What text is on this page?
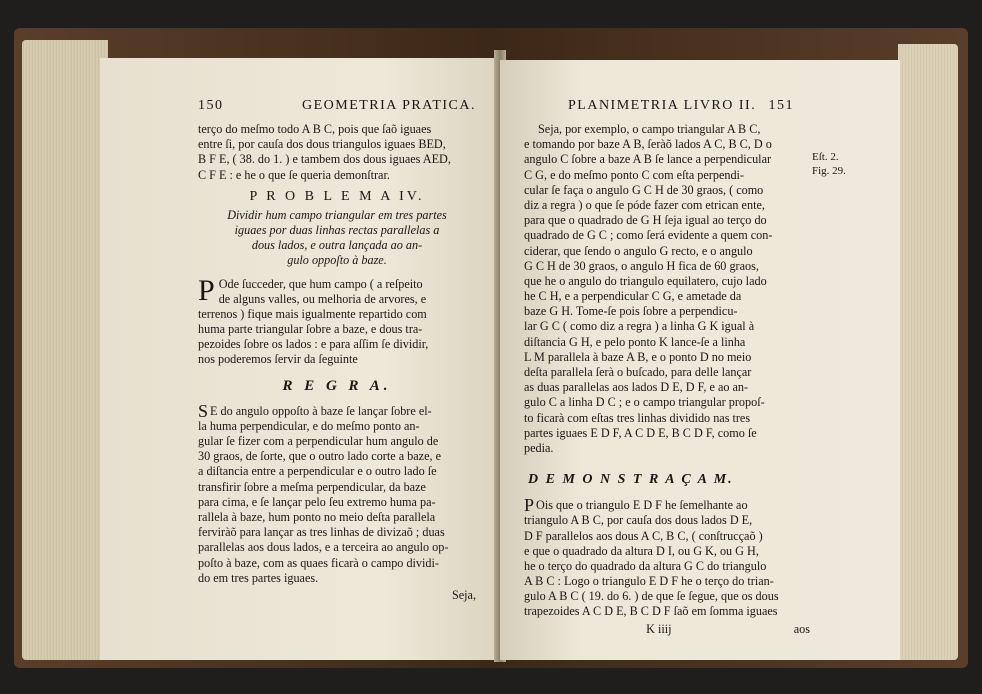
150	GEOMETRIA PRATICA.
terço do meſmo todo A B C, pois que ſaõ iguaes
entre ſi, por cauſa dos dous triangulos iguaes BED,
B F E, ( 38. do 1. ) e tambem dos dous iguaes AED,
C F E : e he o que ſe queria demonſtrar.
P R O B L E M A IV.
Dividir hum campo triangular em tres partes
iguaes por duas linhas rectas parallelas a
dous lados, e outra lançada ao an-
gulo oppoſto à baze.
P Ode ſucceder, que hum campo ( a reſpeito
de alguns valles, ou melhoria de arvores, e
terrenos ) fique mais igualmente repartido com
huma parte triangular ſobre a baze, e dous tra-
pezoides ſobre os lados : e para aſſim ſe dividir,
nos poderemos ſervir da ſeguinte
R E G R A.
S E do angulo oppoſto à baze ſe lançar ſobre el-
la huma perpendicular, e do meſmo ponto an-
gular ſe fizer com a perpendicular hum angulo de
30 graos, de ſorte, que o outro lado corte a baze, e
a diſtancia entre a perpendicular e o outro lado ſe
transfirir ſobre a meſma perpendicular, da baze
para cima, e ſe lançar pelo ſeu extremo huma pa-
rallela à baze, hum ponto no meio deſta parallela
ferviràõ para lançar as tres linhas de divizaõ ; duas
parallelas aos dous lados, e a terceira ao angulo op-
poſto à baze, com as quaes ficarà o campo dividi-
do em tres partes iguaes.
Seja,
PLANIMETRIA LIVRO II. 151
Seja, por exemplo, o campo triangular A B C,
e tomando por baze A B, ſeràõ lados A C, B C, D o
angulo C ſobre a baze A B ſe lance a perpendicular
C G, e do meſmo ponto C com eſta perpendi-
cular ſe faça o angulo G C H de 30 graos, ( como
diz a regra ) o que ſe póde fazer com etrican ente,
para que o quadrado de G H ſeja igual ao terço do
quadrado de G C ; como ſerá evidente a quem con-
ciderar, que ſendo o angulo G recto, e o angulo
G C H de 30 graos, o angulo H fica de 60 graos,
que he o angulo do triangulo equilatero, cujo lado
he C H, e a perpendicular C G, e ametade da
baze G H. Tome-ſe pois ſobre a perpendicu-
lar G C ( como diz a regra ) a linha G K igual à
diſtancia G H, e pelo ponto K lance-ſe a linha
L M parallela à baze A B, e o ponto D no meio
deſta parallela ſerà o buſcado, para delle lançar
as duas parallelas aos lados D E, D F, e ao an-
gulo C a linha D C ; e o campo triangular propoſ-
to ficarà com eſtas tres linhas dividido nas tres
partes iguaes E D F, A C D E, B C D F, como ſe
pedia.
D E M O N S T R A Ç A M.
P Ois que o triangulo E D F he ſemelhante ao
triangulo A B C, por cauſa dos dous lados D E,
D F parallelos aos dous A C, B C, ( conſtrucçaõ )
e que o quadrado da altura D I, ou G K, ou G H,
he o terço do quadrado da altura G C do triangulo
A B C : Logo o triangulo E D F he o terço do trian-
gulo A B C ( 19. do 6. ) de que ſe ſegue, que os dous
trapezoides A C D E, B C D F ſaõ em ſomma iguaes
K iiij	aos
Eſt. 2.
Fig. 29.
